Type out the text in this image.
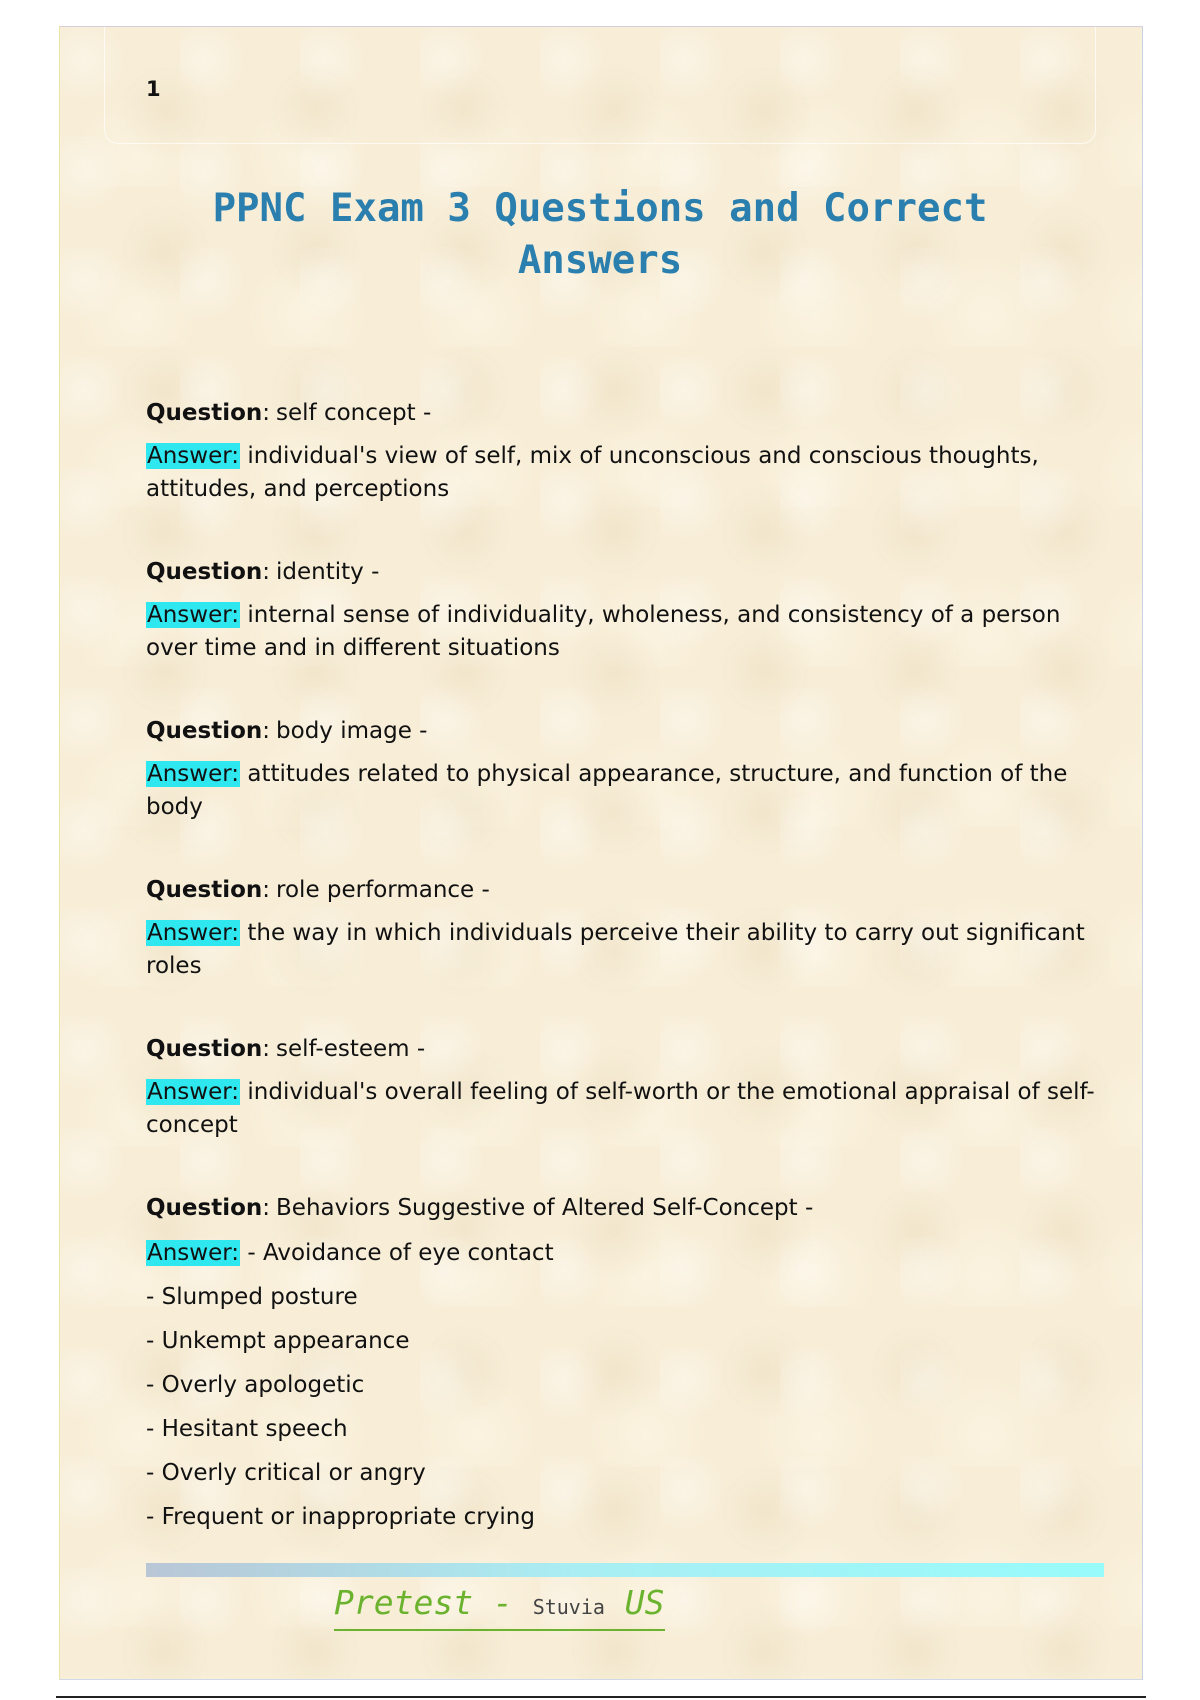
1
PPNC Exam 3 Questions and Correct Answers

Question: self concept -

Answer: individual's view of self, mix of unconscious and conscious thoughts, attitudes, and perceptions

Question: identity -

Answer: internal sense of individuality, wholeness, and consistency of a person over time and in different situations

Question: body image -

Answer: attitudes related to physical appearance, structure, and function of the body

Question: role performance -

Answer: the way in which individuals perceive their ability to carry out significant roles

Question: self-esteem -

Answer: individual's overall feeling of self-worth or the emotional appraisal of self-concept

Question: Behaviors Suggestive of Altered Self-Concept -

Answer: - Avoidance of eye contact

- Slumped posture

- Unkempt appearance

- Overly apologetic

- Hesitant speech

- Overly critical or angry

- Frequent or inappropriate crying

Pretest - Stuvia US
